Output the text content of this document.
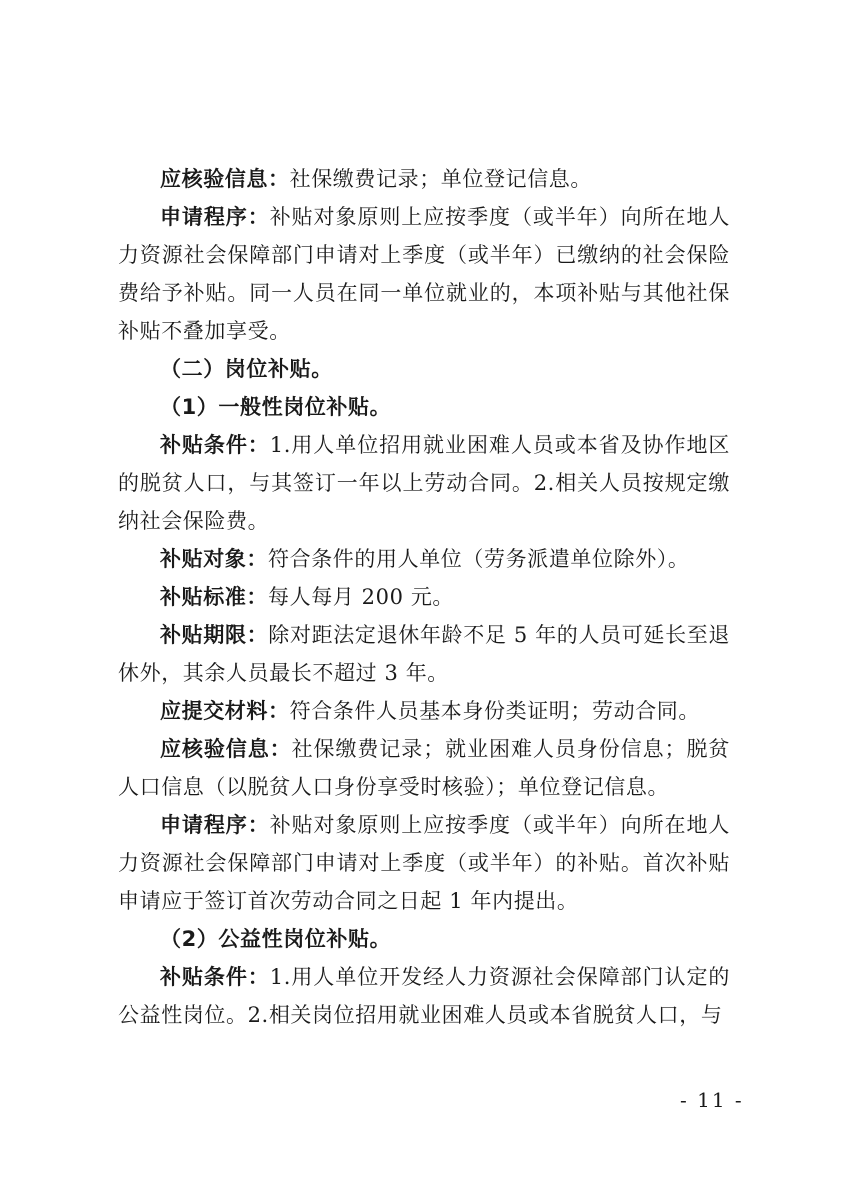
应核验信息：社保缴费记录；单位登记信息。

申请程序：补贴对象原则上应按季度（或半年）向所在地人力资源社会保障部门申请对上季度（或半年）已缴纳的社会保险费给予补贴。同一人员在同一单位就业的，本项补贴与其他社保补贴不叠加享受。

（二）岗位补贴。

（1）一般性岗位补贴。

补贴条件：1.用人单位招用就业困难人员或本省及协作地区的脱贫人口，与其签订一年以上劳动合同。2.相关人员按规定缴纳社会保险费。

补贴对象：符合条件的用人单位（劳务派遣单位除外）。

补贴标准：每人每月 200 元。

补贴期限：除对距法定退休年龄不足 5 年的人员可延长至退休外，其余人员最长不超过 3 年。

应提交材料：符合条件人员基本身份类证明；劳动合同。

应核验信息：社保缴费记录；就业困难人员身份信息；脱贫人口信息（以脱贫人口身份享受时核验）；单位登记信息。

申请程序：补贴对象原则上应按季度（或半年）向所在地人力资源社会保障部门申请对上季度（或半年）的补贴。首次补贴申请应于签订首次劳动合同之日起 1 年内提出。

（2）公益性岗位补贴。

补贴条件：1.用人单位开发经人力资源社会保障部门认定的公益性岗位。2.相关岗位招用就业困难人员或本省脱贫人口，与

- 11 -
